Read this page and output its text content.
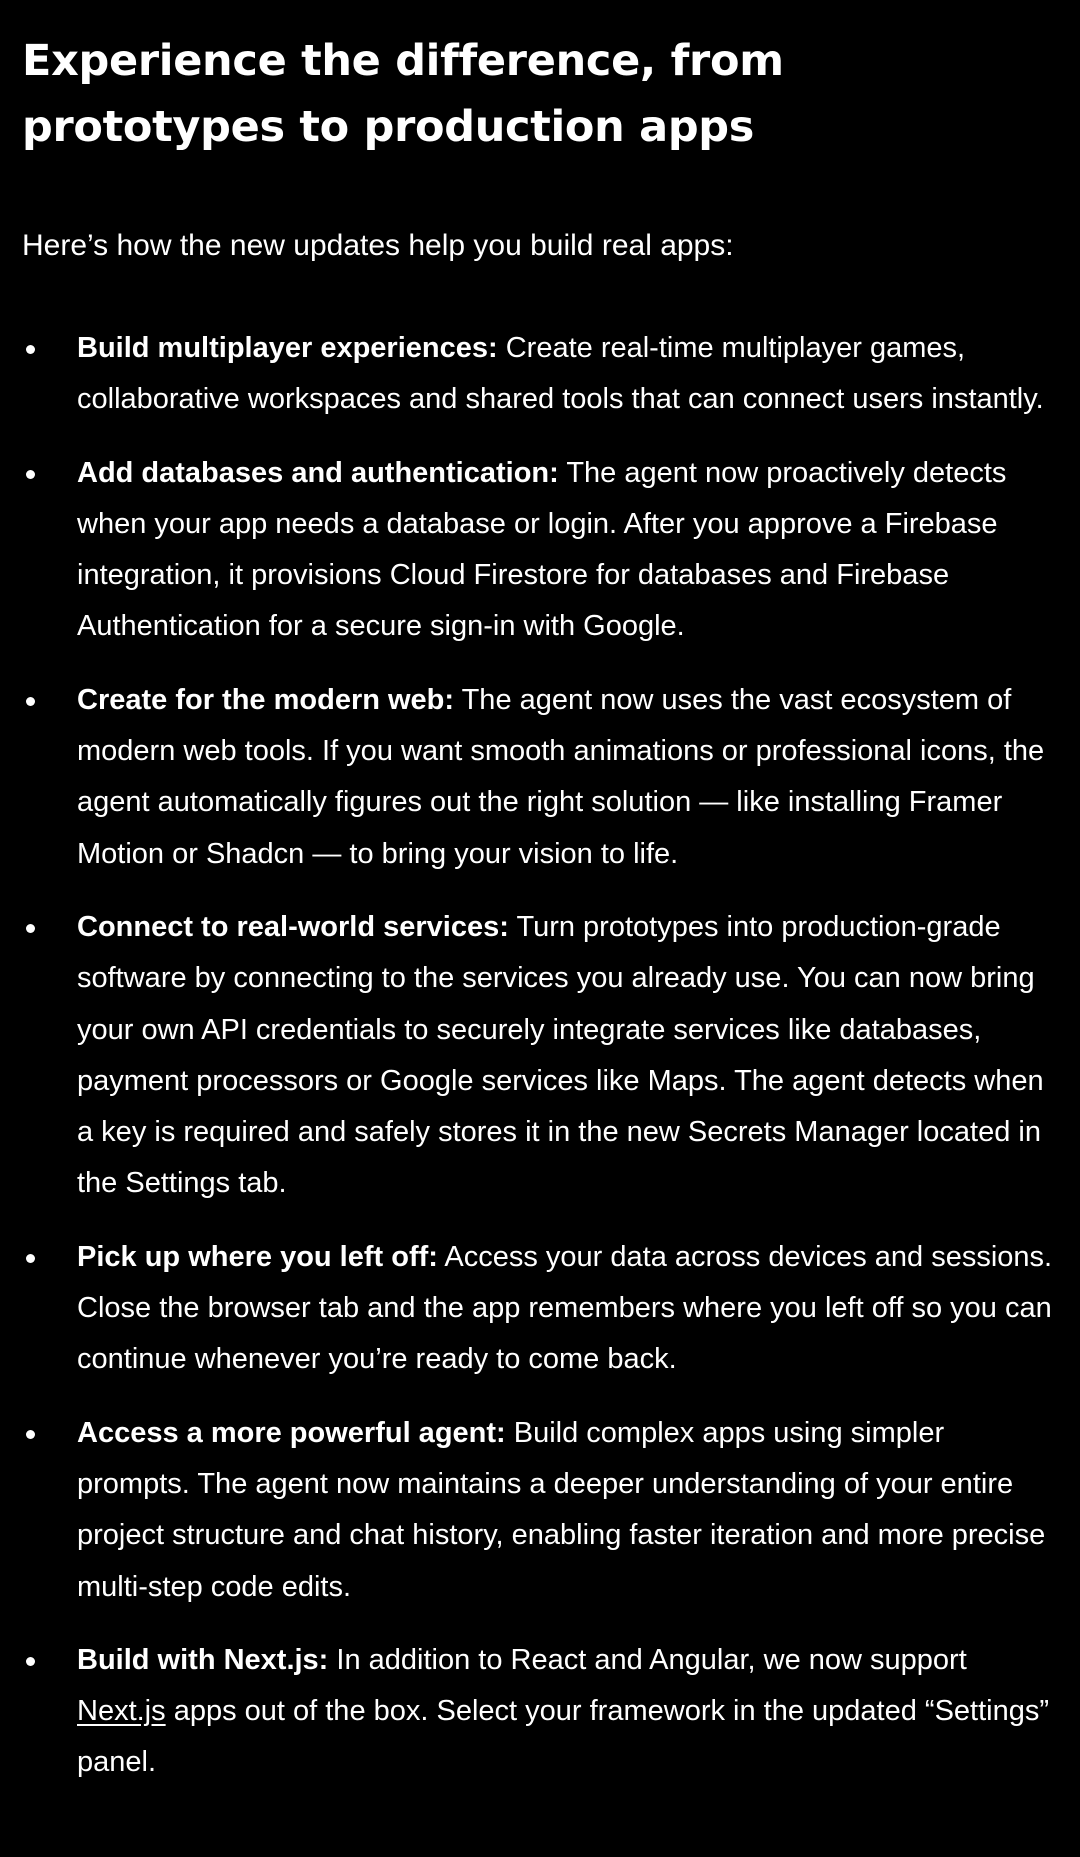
Experience the difference, from prototypes to production apps

Here’s how the new updates help you build real apps:

Build multiplayer experiences: Create real-time multiplayer games, collaborative workspaces and shared tools that can connect users instantly.
Add databases and authentication: The agent now proactively detects when your app needs a database or login. After you approve a Firebase integration, it provisions Cloud Firestore for databases and Firebase Authentication for a secure sign-in with Google.
Create for the modern web: The agent now uses the vast ecosystem of modern web tools. If you want smooth animations or professional icons, the agent automatically figures out the right solution — like installing Framer Motion or Shadcn — to bring your vision to life.
Connect to real-world services: Turn prototypes into production-grade software by connecting to the services you already use. You can now bring your own API credentials to securely integrate services like databases, payment processors or Google services like Maps. The agent detects when a key is required and safely stores it in the new Secrets Manager located in the Settings tab.
Pick up where you left off: Access your data across devices and sessions. Close the browser tab and the app remembers where you left off so you can continue whenever you’re ready to come back.
Access a more powerful agent: Build complex apps using simpler prompts. The agent now maintains a deeper understanding of your entire project structure and chat history, enabling faster iteration and more precise multi-step code edits.
Build with Next.js: In addition to React and Angular, we now support Next.js apps out of the box. Select your framework in the updated “Settings” panel.
